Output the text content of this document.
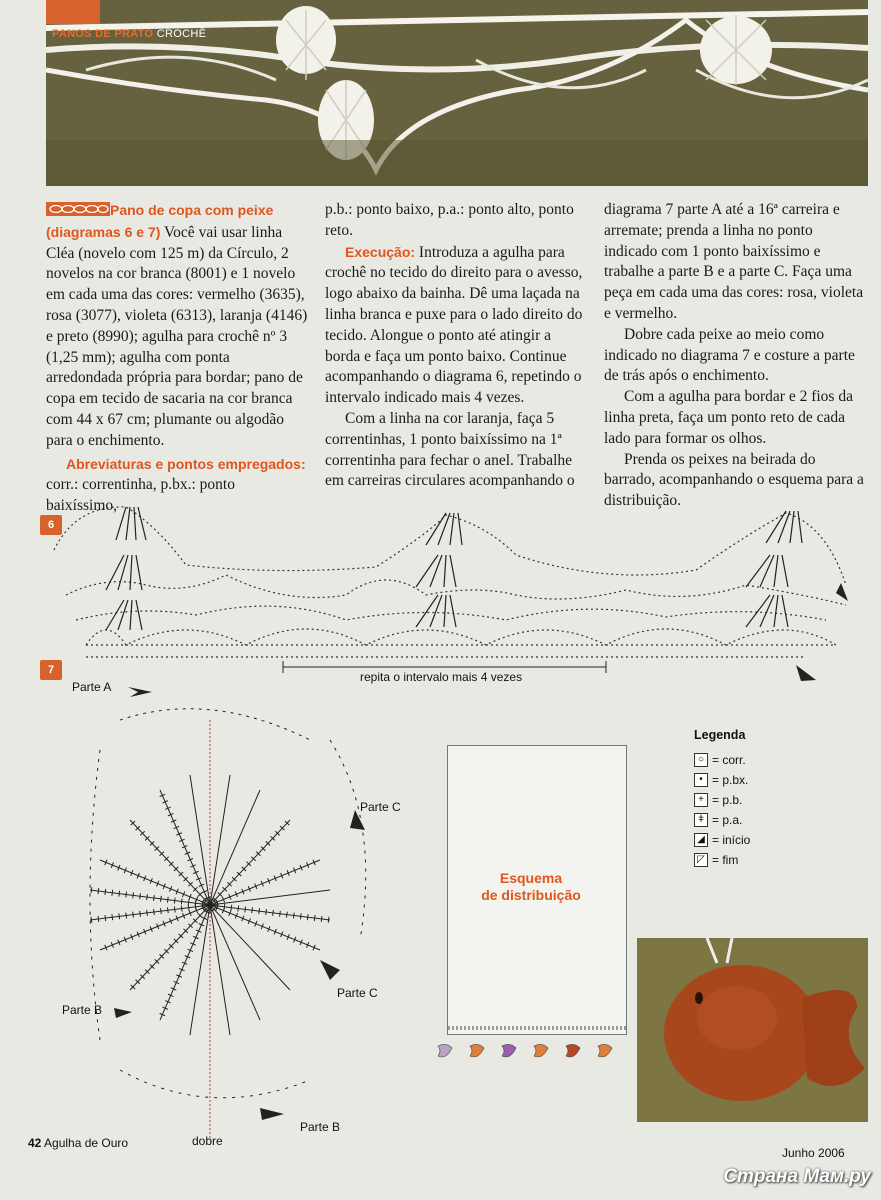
PANOS DE PRATO CROCHÊ

Pano de copa com peixe
(diagramas 6 e 7) Você vai usar linha Cléa (novelo com 125 m) da Círculo, 2 novelos na cor branca (8001) e 1 novelo em cada uma das cores: vermelho (3635), rosa (3077), violeta (6313), laranja (4146) e preto (8990); agulha para crochê nº 3 (1,25 mm); agulha com ponta arredondada própria para bordar; pano de copa em tecido de sacaria na cor branca com 44 x 67 cm; plumante ou algodão para o enchimento.

Abreviaturas e pontos empregados:

corr.: correntinha, p.bx.: ponto baixíssimo,

p.b.: ponto baixo, p.a.: ponto alto, ponto reto.

Execução: Introduza a agulha para crochê no tecido do direito para o avesso, logo abaixo da bainha. Dê uma laçada na linha branca e puxe para o lado direito do tecido. Alongue o ponto até atingir a borda e faça um ponto baixo. Continue acompanhando o diagrama 6, repetindo o intervalo indicado mais 4 vezes.

Com a linha na cor laranja, faça 5 correntinhas, 1 ponto baixíssimo na 1ª correntinha para fechar o anel. Trabalhe em carreiras circulares acompanhando o

diagrama 7 parte A até a 16ª carreira e arremate; prenda a linha no ponto indicado com 1 ponto baixíssimo e trabalhe a parte B e a parte C. Faça uma peça em cada uma das cores: rosa, violeta e vermelho.

Dobre cada peixe ao meio como indicado no diagrama 7 e costure a parte de trás após o enchimento.

Com a agulha para bordar e 2 fios da linha preta, faça um ponto reto de cada lado para formar os olhos.

Prenda os peixes na beirada do barrado, acompanhando o esquema para a distribuição.

6
repita o intervalo mais 4 vezes
7
Parte A
Parte C
Parte C
Parte B
Parte B
dobre
Esquema
de distribuição
Legenda
○ = corr.
• = p.bx.
+ = p.b.
ǂ = p.a.
◢ = início
◸ = fim
42 Agulha de Ouro
Junho 2006
Страна Мам.ру
